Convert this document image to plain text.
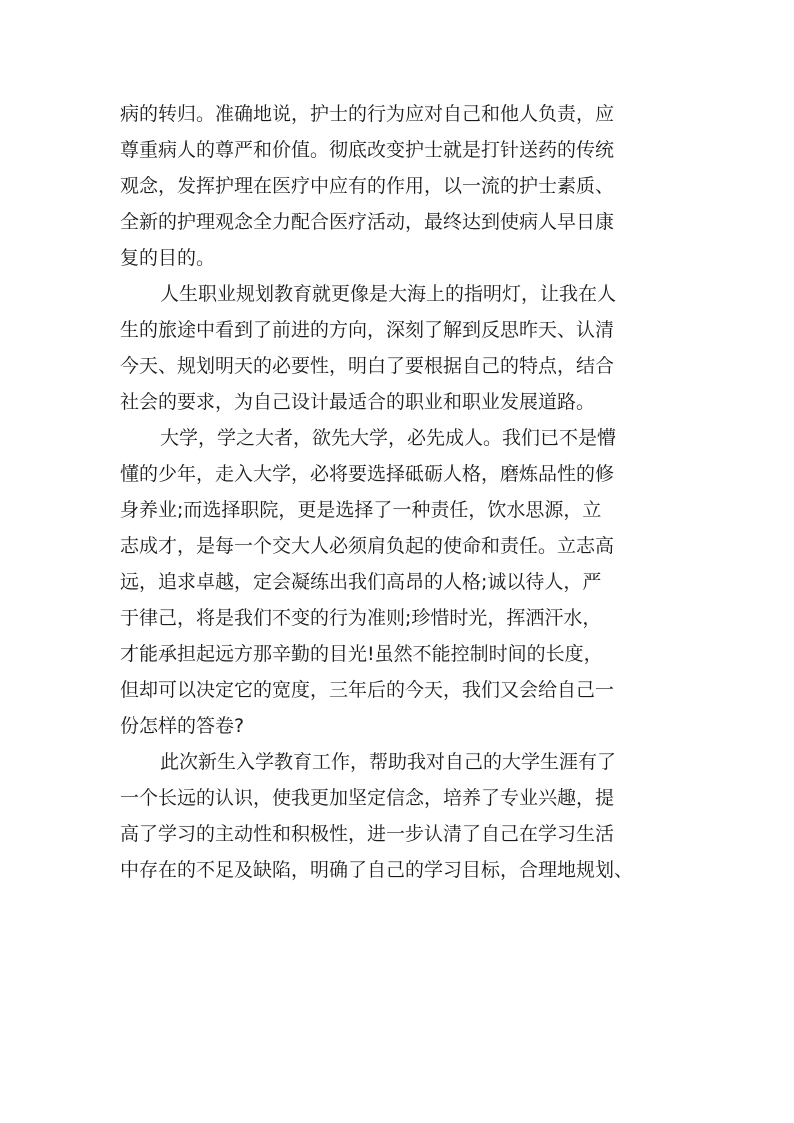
病的转归。准确地说，护士的行为应对自己和他人负责，应
尊重病人的尊严和价值。彻底改变护士就是打针送药的传统
观念，发挥护理在医疗中应有的作用，以一流的护士素质、
全新的护理观念全力配合医疗活动，最终达到使病人早日康
复的目的。
人生职业规划教育就更像是大海上的指明灯，让我在人
生的旅途中看到了前进的方向，深刻了解到反思昨天、认清
今天、规划明天的必要性，明白了要根据自己的特点，结合
社会的要求，为自己设计最适合的职业和职业发展道路。
大学，学之大者，欲先大学，必先成人。我们已不是懵
懂的少年，走入大学，必将要选择砥砺人格，磨炼品性的修
身养业;而选择职院，更是选择了一种责任，饮水思源，立
志成才，是每一个交大人必须肩负起的使命和责任。立志高
远，追求卓越，定会凝练出我们高昂的人格;诚以待人，严
于律己，将是我们不变的行为准则;珍惜时光，挥洒汗水，
才能承担起远方那辛勤的目光!虽然不能控制时间的长度，
但却可以决定它的宽度，三年后的今天，我们又会给自己一
份怎样的答卷?
此次新生入学教育工作，帮助我对自己的大学生涯有了
一个长远的认识，使我更加坚定信念，培养了专业兴趣，提
高了学习的主动性和积极性，进一步认清了自己在学习生活
中存在的不足及缺陷，明确了自己的学习目标，合理地规划、
